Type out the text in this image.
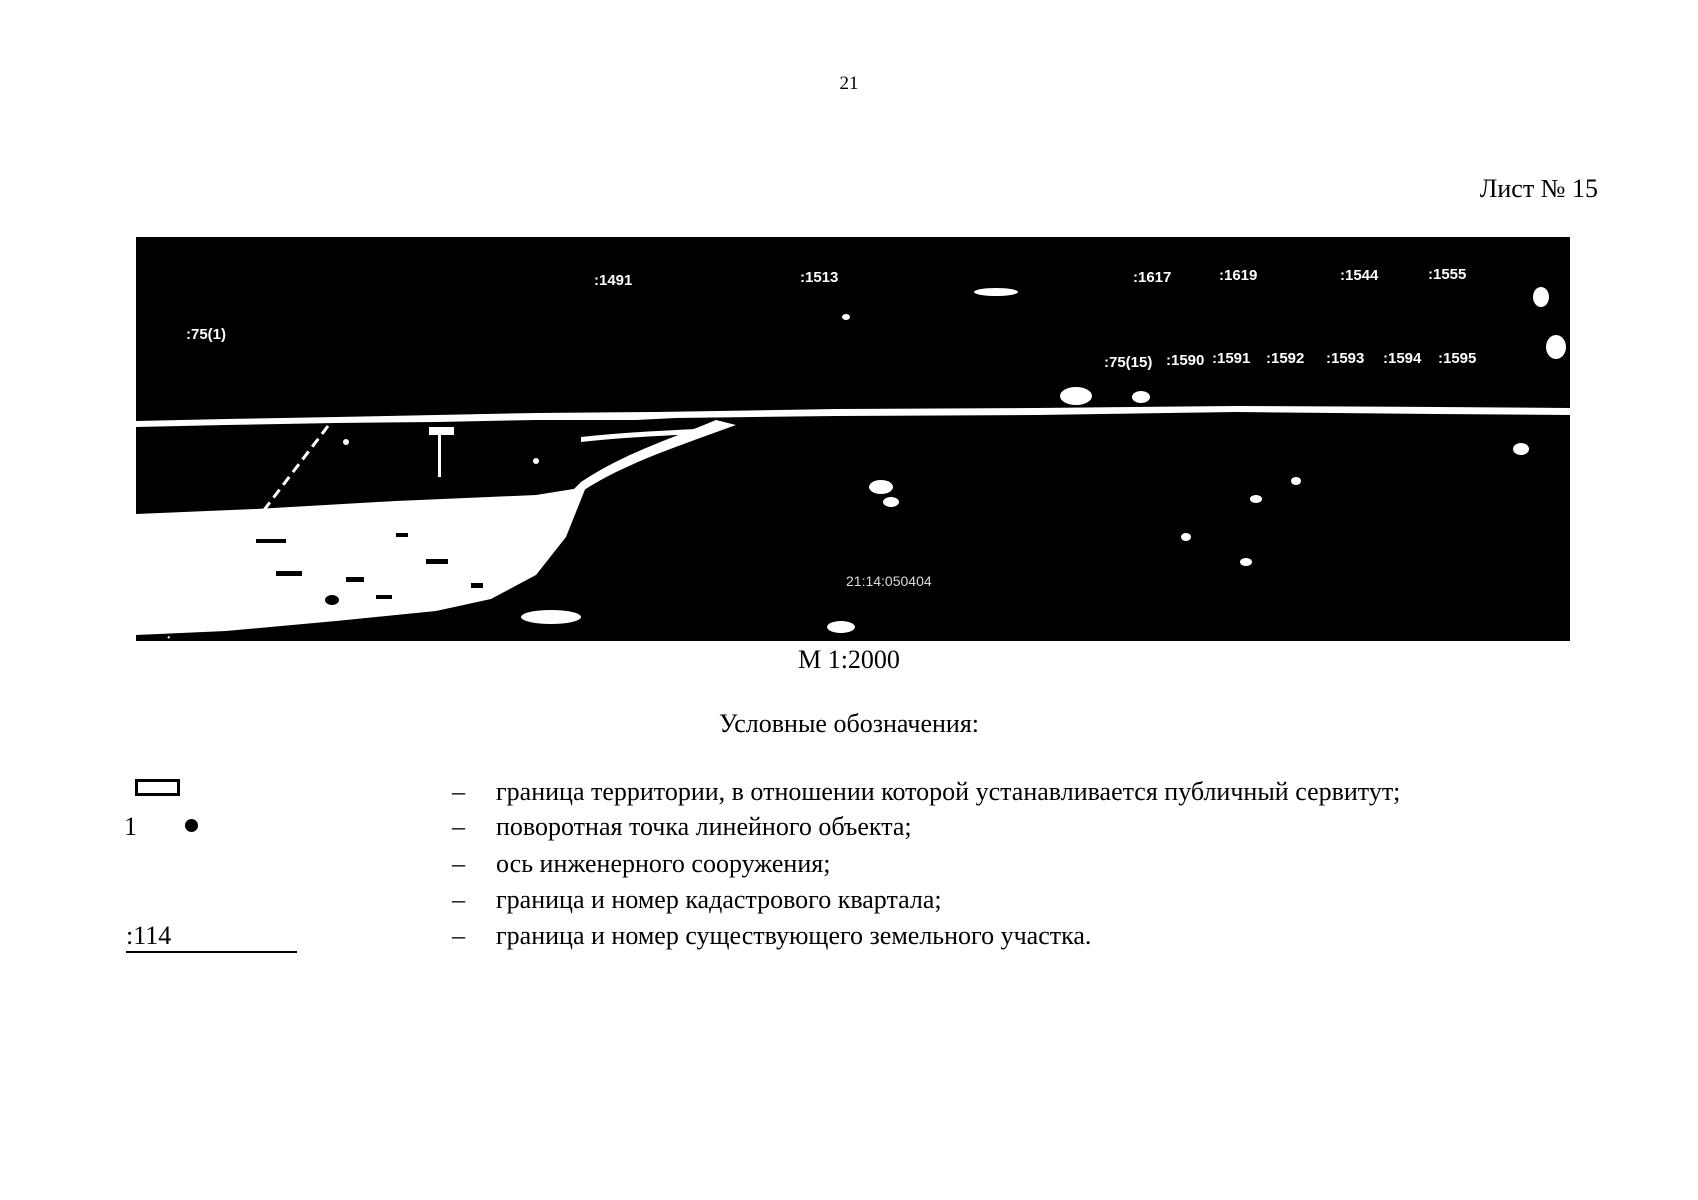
21
Лист № 15
:75(1)
:1491	:1513	:1617	:1619	:1544	:1555
:75(15) :1590 :1591 :1592 :1593 :1594 :1595
21:14:050404
М 1:2000
Условные обозначения:
– граница территории, в отношении которой устанавливается публичный сервитут;
1	– поворотная точка линейного объекта;
– ось инженерного сооружения;
– граница и номер кадастрового квартала;
:114	– граница и номер существующего земельного участка.
